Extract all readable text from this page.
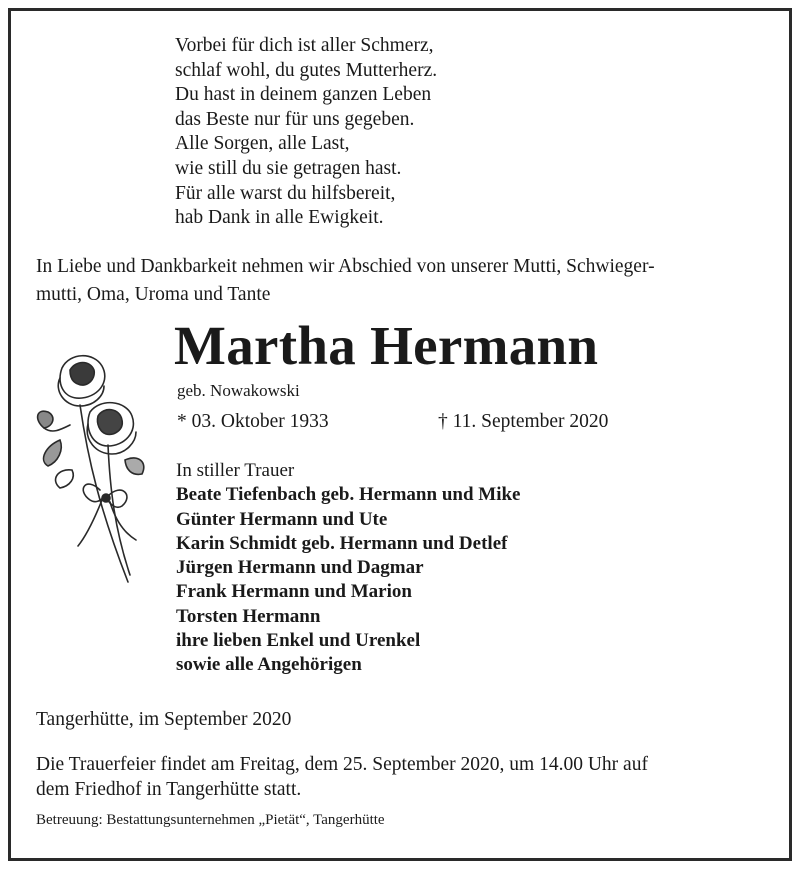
Vorbei für dich ist aller Schmerz,
schlaf wohl, du gutes Mutterherz.
Du hast in deinem ganzen Leben
das Beste nur für uns gegeben.
Alle Sorgen, alle Last,
wie still du sie getragen hast.
Für alle warst du hilfsbereit,
hab Dank in alle Ewigkeit.
In Liebe und Dankbarkeit nehmen wir Abschied von unserer Mutti, Schwieger-
mutti, Oma, Uroma und Tante
Martha Hermann
geb. Nowakowski
* 03. Oktober 1933	† 11. September 2020
In stiller Trauer
Beate Tiefenbach geb. Hermann und Mike
Günter Hermann und Ute
Karin Schmidt geb. Hermann und Detlef
Jürgen Hermann und Dagmar
Frank Hermann und Marion
Torsten Hermann
ihre lieben Enkel und Urenkel
sowie alle Angehörigen
Tangerhütte, im September 2020
Die Trauerfeier findet am Freitag, dem 25. September 2020, um 14.00 Uhr auf
dem Friedhof in Tangerhütte statt.
Betreuung: Bestattungsunternehmen „Pietät“, Tangerhütte
